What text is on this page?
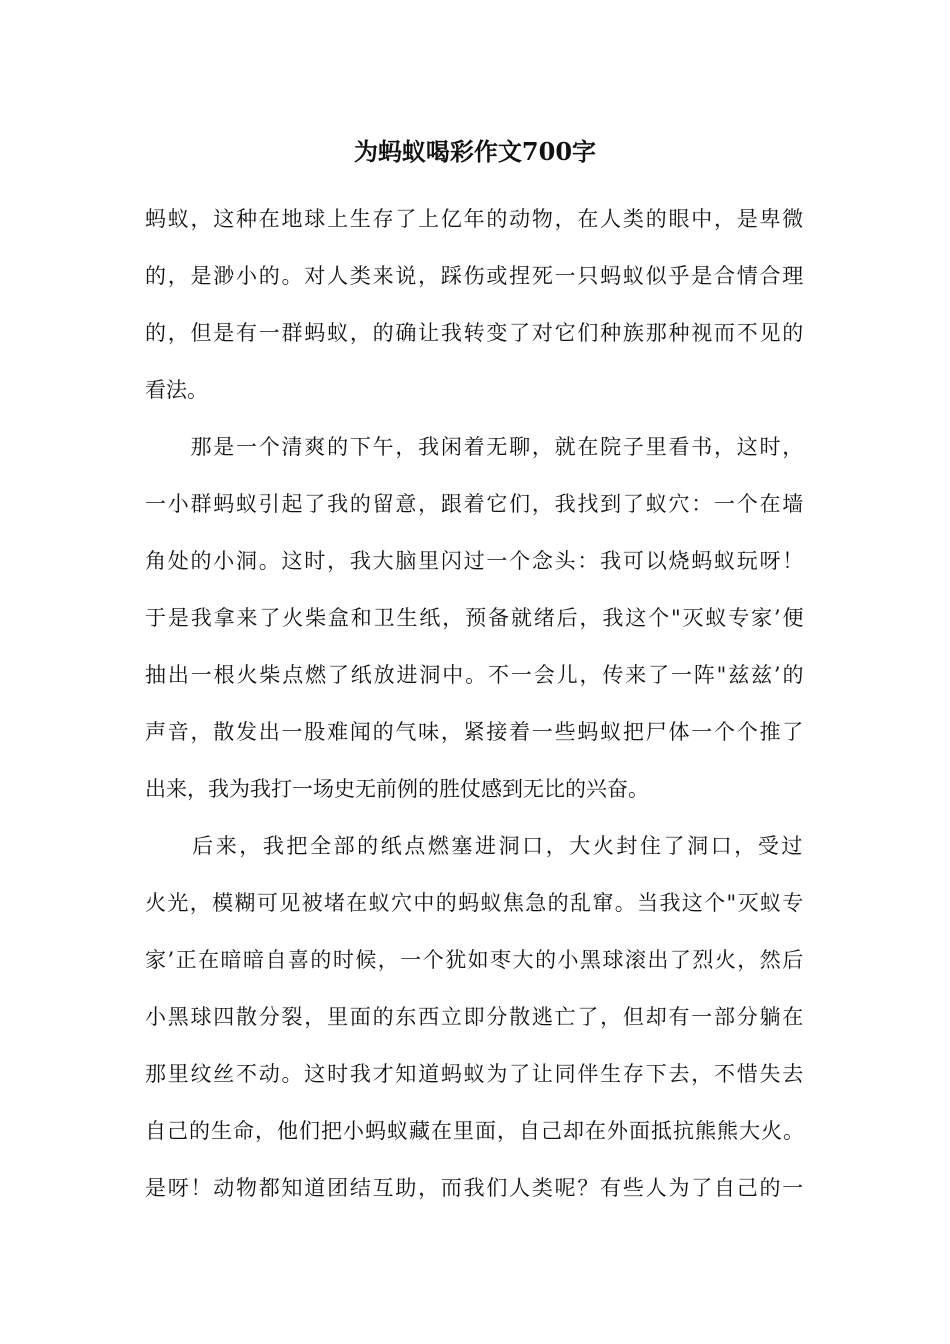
为蚂蚁喝彩作文700字

蚂蚁，这种在地球上生存了上亿年的动物，在人类的眼中，是卑微

的，是渺小的。对人类来说，踩伤或捏死一只蚂蚁似乎是合情合理

的，但是有一群蚂蚁，的确让我转变了对它们种族那种视而不见的

看法。

　　那是一个清爽的下午，我闲着无聊，就在院子里看书，这时，

一小群蚂蚁引起了我的留意，跟着它们，我找到了蚁穴：一个在墙

角处的小洞。这时，我大脑里闪过一个念头：我可以烧蚂蚁玩呀！

于是我拿来了火柴盒和卫生纸，预备就绪后，我这个"灭蚁专家’便

抽出一根火柴点燃了纸放进洞中。不一会儿，传来了一阵"兹兹’的

声音，散发出一股难闻的气味，紧接着一些蚂蚁把尸体一个个推了

出来，我为我打一场史无前例的胜仗感到无比的兴奋。

　　后来，我把全部的纸点燃塞进洞口，大火封住了洞口，受过

火光，模糊可见被堵在蚁穴中的蚂蚁焦急的乱窜。当我这个"灭蚁专

家’正在暗暗自喜的时候，一个犹如枣大的小黑球滚出了烈火，然后

小黑球四散分裂，里面的东西立即分散逃亡了，但却有一部分躺在

那里纹丝不动。这时我才知道蚂蚁为了让同伴生存下去，不惜失去

自己的生命，他们把小蚂蚁藏在里面，自己却在外面抵抗熊熊大火。

是呀！动物都知道团结互助，而我们人类呢？有些人为了自己的一
